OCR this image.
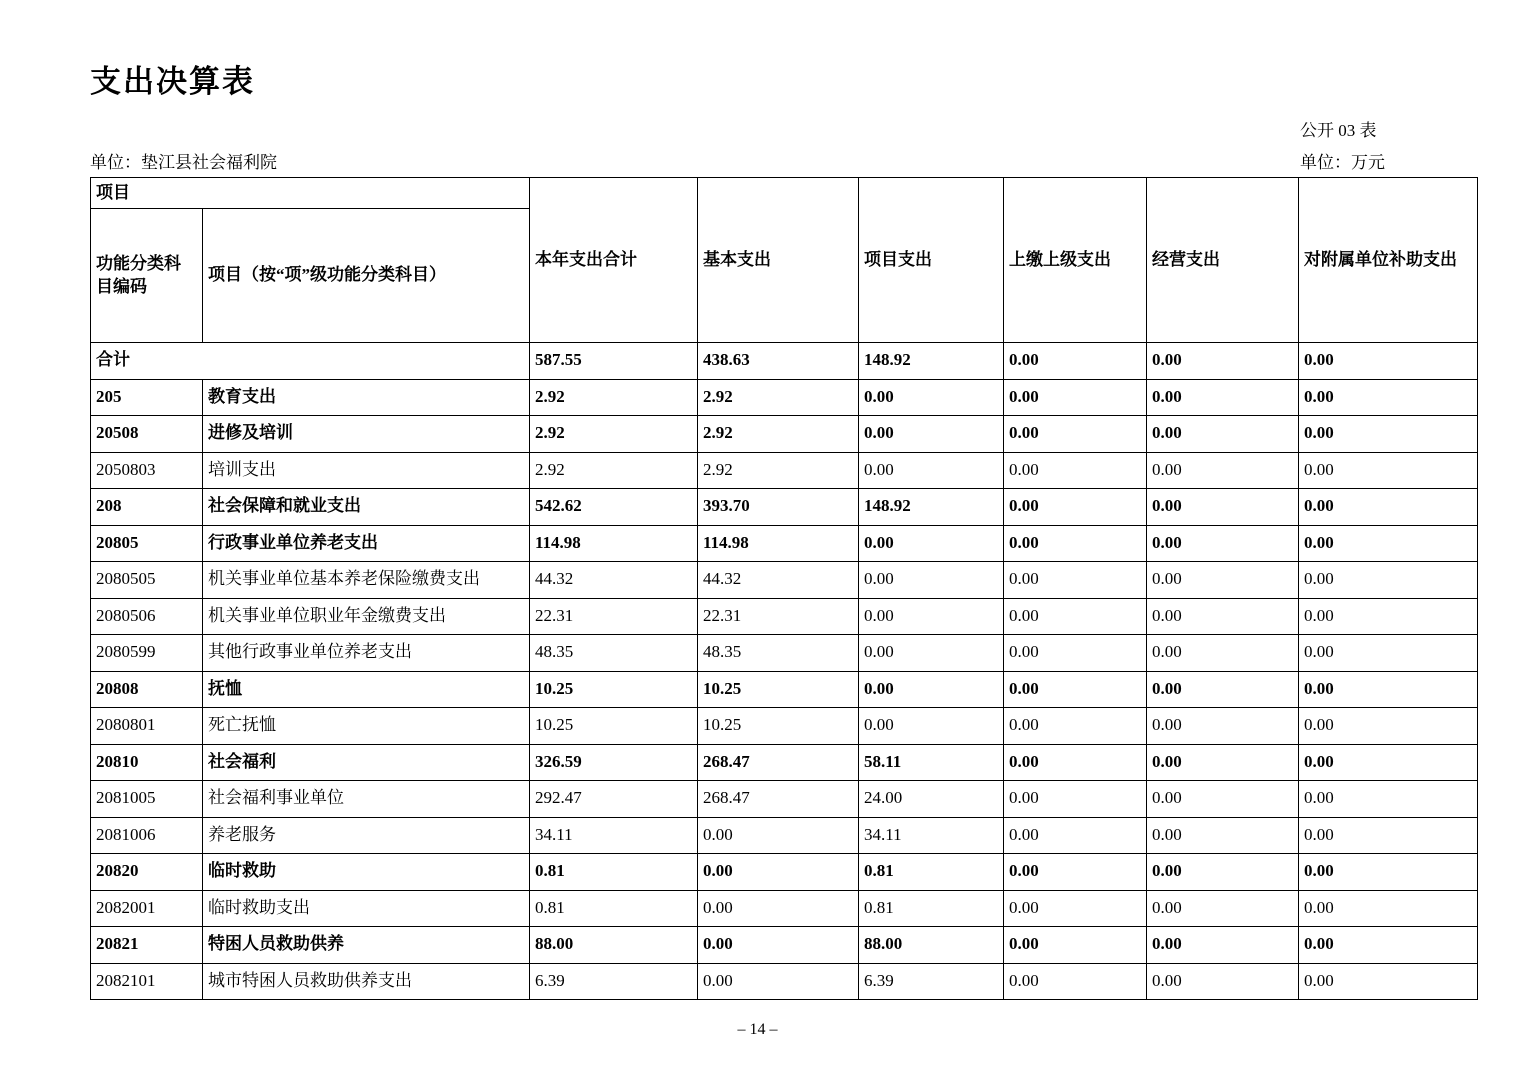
支出决算表
公开 03 表
单位：垫江县社会福利院	单位：万元
项目		本年支出合计	基本支出	项目支出	上缴上级支出	经营支出	对附属单位补助支出
功能分类科目编码	项目（按“项”级功能分类科目）						
合计		587.55	438.63	148.92	0.00	0.00	0.00
205	教育支出	2.92	2.92	0.00	0.00	0.00	0.00
20508	进修及培训	2.92	2.92	0.00	0.00	0.00	0.00
2050803	培训支出	2.92	2.92	0.00	0.00	0.00	0.00
208	社会保障和就业支出	542.62	393.70	148.92	0.00	0.00	0.00
20805	行政事业单位养老支出	114.98	114.98	0.00	0.00	0.00	0.00
2080505	机关事业单位基本养老保险缴费支出	44.32	44.32	0.00	0.00	0.00	0.00
2080506	机关事业单位职业年金缴费支出	22.31	22.31	0.00	0.00	0.00	0.00
2080599	其他行政事业单位养老支出	48.35	48.35	0.00	0.00	0.00	0.00
20808	抚恤	10.25	10.25	0.00	0.00	0.00	0.00
2080801	死亡抚恤	10.25	10.25	0.00	0.00	0.00	0.00
20810	社会福利	326.59	268.47	58.11	0.00	0.00	0.00
2081005	社会福利事业单位	292.47	268.47	24.00	0.00	0.00	0.00
2081006	养老服务	34.11	0.00	34.11	0.00	0.00	0.00
20820	临时救助	0.81	0.00	0.81	0.00	0.00	0.00
2082001	临时救助支出	0.81	0.00	0.81	0.00	0.00	0.00
20821	特困人员救助供养	88.00	0.00	88.00	0.00	0.00	0.00
2082101	城市特困人员救助供养支出	6.39	0.00	6.39	0.00	0.00	0.00
– 14 –
